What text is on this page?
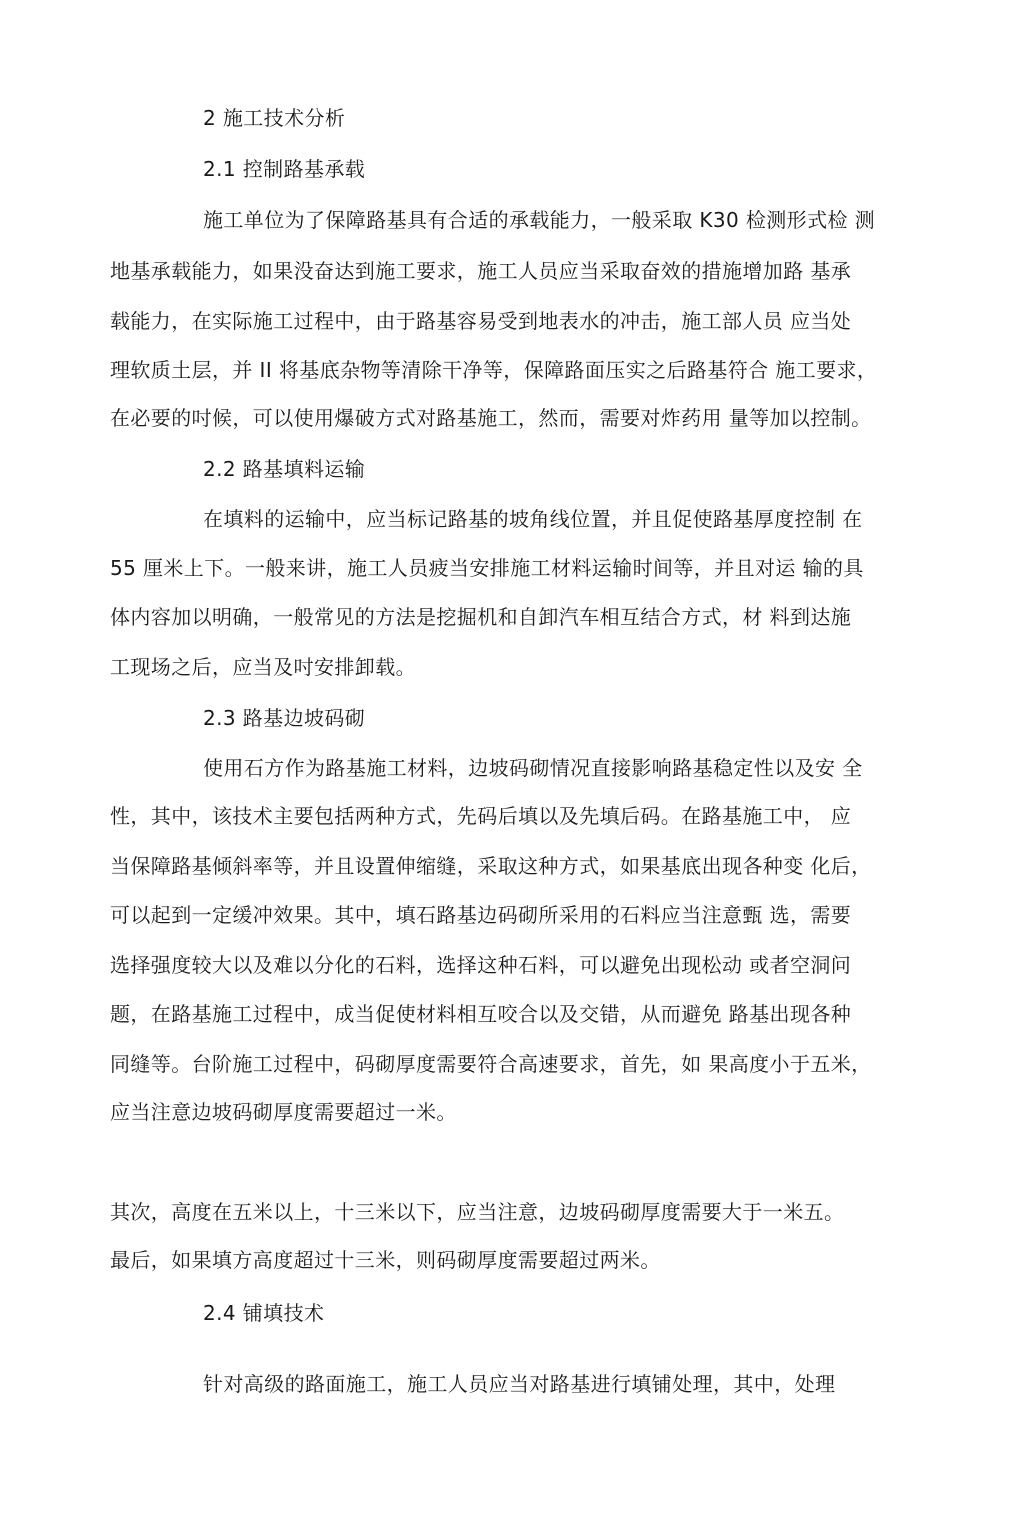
2 施工技术分析
2.1 控制路基承载
施工单位为了保障路基具有合适的承载能力，一般采取 K30 检测形式检 测
地基承载能力，如果没奋达到施工要求，施工人员应当采取奋效的措施增加路 基承
载能力，在实际施工过程中，由于路基容易受到地表水的冲击，施工部人员 应当处
理软质土层，并 II 将基底杂物等清除干净等，保障路面压实之后路基符合 施工要求，
在必要的吋候，可以使用爆破方式对路基施工，然而，需要对炸药用 量等加以控制。
2.2 路基填料运输
在填料的运输中，应当标记路基的坡角线位置，并且促使路基厚度控制 在
55 厘米上下。一般来讲，施工人员疲当安排施工材料运输时间等，并且对运 输的具
体内容加以明确，一般常见的方法是挖掘机和自卸汽车相互结合方式，材 料到达施
工现场之后，应当及吋安排卸载。
2.3 路基边坡码砌
使用石方作为路基施工材料，边坡码砌情况直接影响路基稳定性以及安 全
性，其中，该技术主要包括两种方式，先码后填以及先填后码。在路基施工中， 应
当保障路基倾斜率等，并且设置伸缩缝，采取这种方式，如果基底出现各种变 化后，
可以起到一定缓冲效果。其中，填石路基边码砌所采用的石料应当注意甄 选，需要
选择强度较大以及难以分化的石料，选择这种石料，可以避免出现松动 或者空洞问
题，在路基施工过程中，成当促使材料相互咬合以及交错，从而避免 路基出现各种
同缝等。台阶施工过程中，码砌厚度需要符合高速要求，首先，如 果高度小于五米，
应当注意边坡码砌厚度需要超过一米。
其次，高度在五米以上，十三米以下，应当注意，边坡码砌厚度需要大于一米五。
最后，如果填方高度超过十三米，则码砌厚度需要超过两米。
2.4 铺填技术
针对高级的路面施工，施工人员应当对路基进行填铺处理，其中，处理
